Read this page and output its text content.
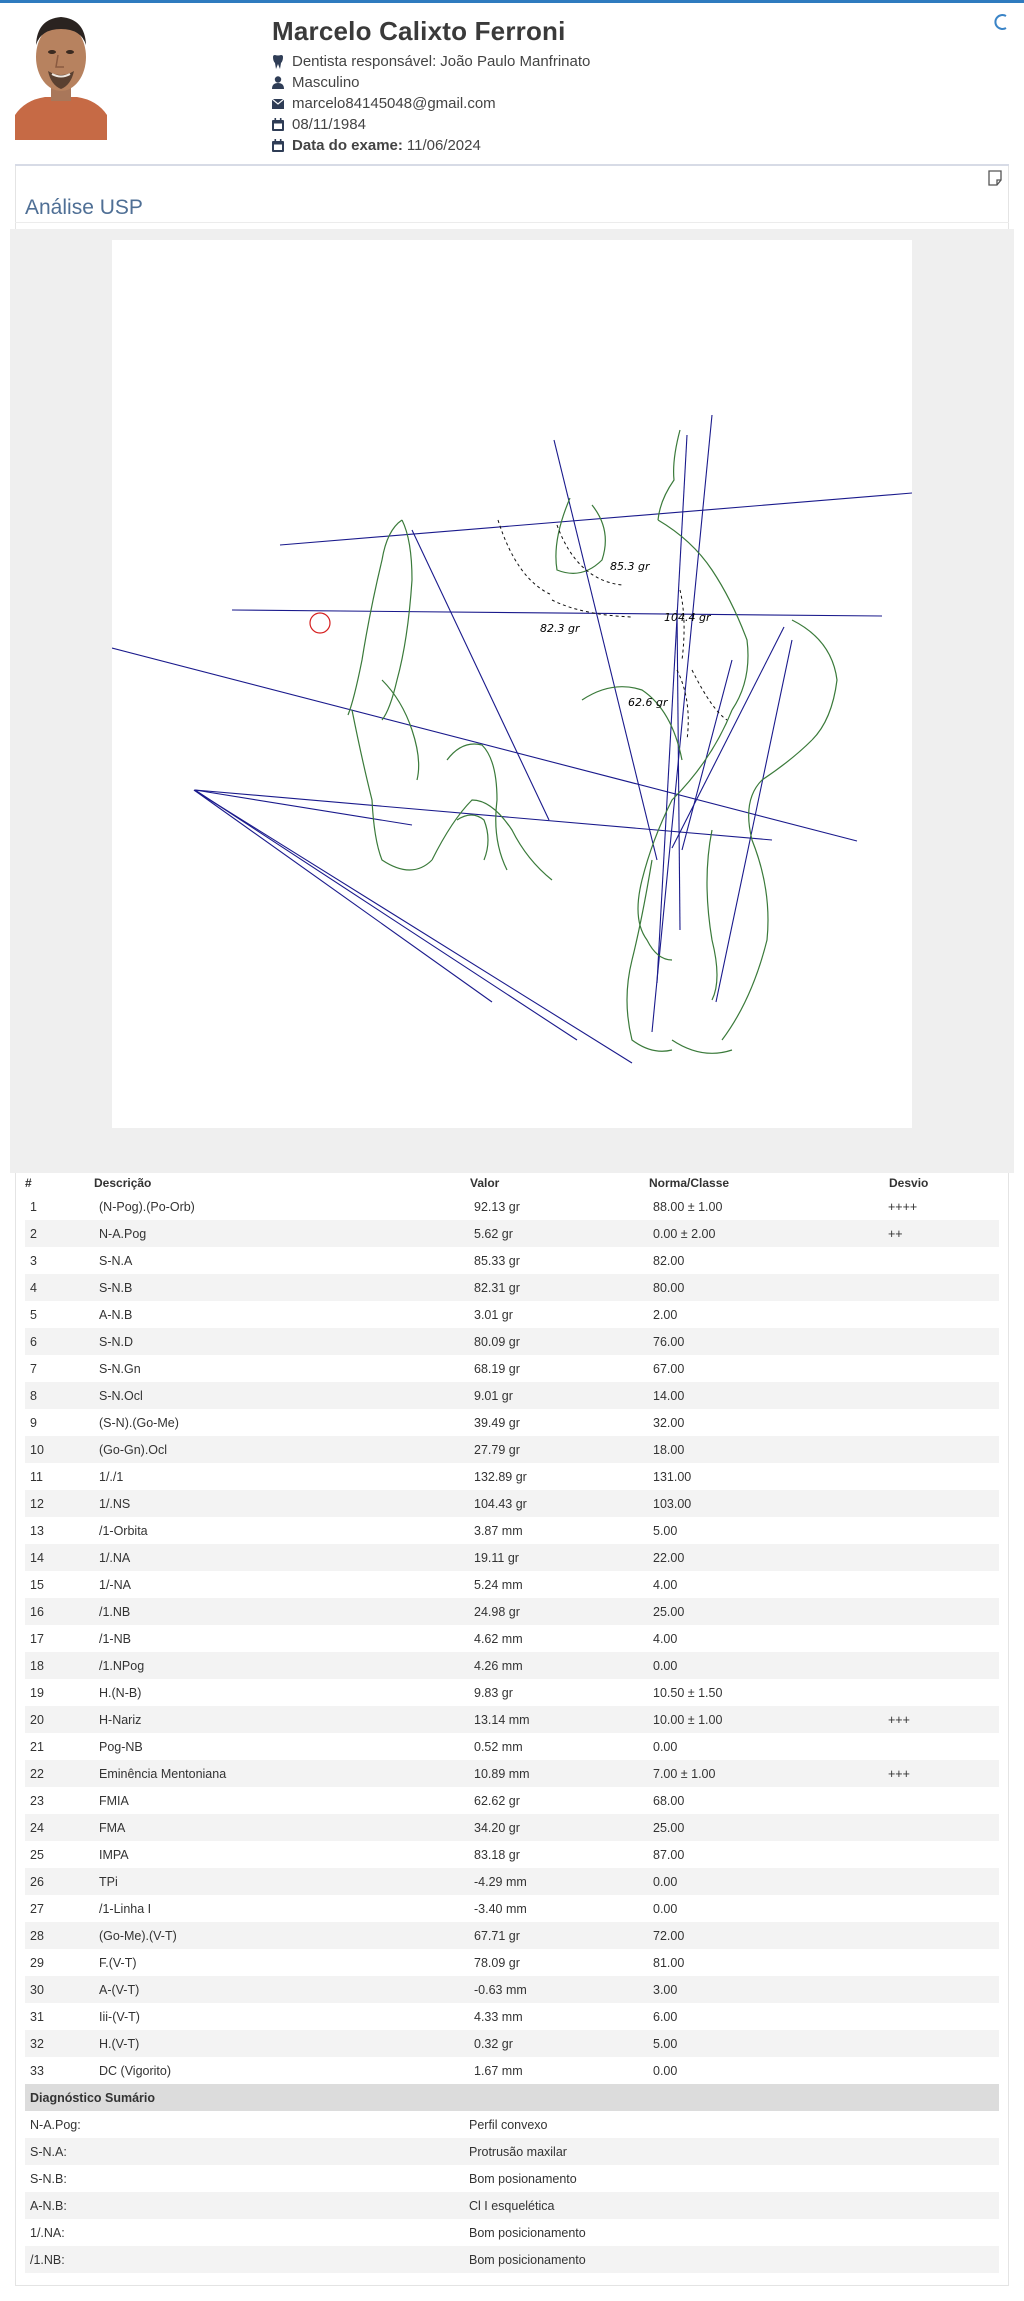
Marcelo Calixto Ferroni
Dentista responsável: João Paulo Manfrinato
Masculino
marcelo84145048@gmail.com
08/11/1984
Data do exame: 11/06/2024
Análise USP
85.3 gr
104.4 gr
82.3 gr
62.6 gr
#	Descrição	Valor	Norma/Classe	Desvio
1	(N-Pog).(Po-Orb)	92.13 gr	88.00 ± 1.00	++++
2	N-A.Pog	5.62 gr	0.00 ± 2.00	++
3	S-N.A	85.33 gr	82.00
4	S-N.B	82.31 gr	80.00
5	A-N.B	3.01 gr	2.00
6	S-N.D	80.09 gr	76.00
7	S-N.Gn	68.19 gr	67.00
8	S-N.Ocl	9.01 gr	14.00
9	(S-N).(Go-Me)	39.49 gr	32.00
10	(Go-Gn).Ocl	27.79 gr	18.00
11	1/./1	132.89 gr	131.00
12	1/.NS	104.43 gr	103.00
13	/1-Orbita	3.87 mm	5.00
14	1/.NA	19.11 gr	22.00
15	1/-NA	5.24 mm	4.00
16	/1.NB	24.98 gr	25.00
17	/1-NB	4.62 mm	4.00
18	/1.NPog	4.26 mm	0.00
19	H.(N-B)	9.83 gr	10.50 ± 1.50
20	H-Nariz	13.14 mm	10.00 ± 1.00	+++
21	Pog-NB	0.52 mm	0.00
22	Eminência Mentoniana	10.89 mm	7.00 ± 1.00	+++
23	FMIA	62.62 gr	68.00
24	FMA	34.20 gr	25.00
25	IMPA	83.18 gr	87.00
26	TPi	-4.29 mm	0.00
27	/1-Linha I	-3.40 mm	0.00
28	(Go-Me).(V-T)	67.71 gr	72.00
29	F.(V-T)	78.09 gr	81.00
30	A-(V-T)	-0.63 mm	3.00
31	Iii-(V-T)	4.33 mm	6.00
32	H.(V-T)	0.32 gr	5.00
33	DC (Vigorito)	1.67 mm	0.00
Diagnóstico Sumário
N-A.Pog:	Perfil convexo
S-N.A:	Protrusão maxilar
S-N.B:	Bom posionamento
A-N.B:	Cl I esquelética
1/.NA:	Bom posicionamento
/1.NB:	Bom posicionamento
